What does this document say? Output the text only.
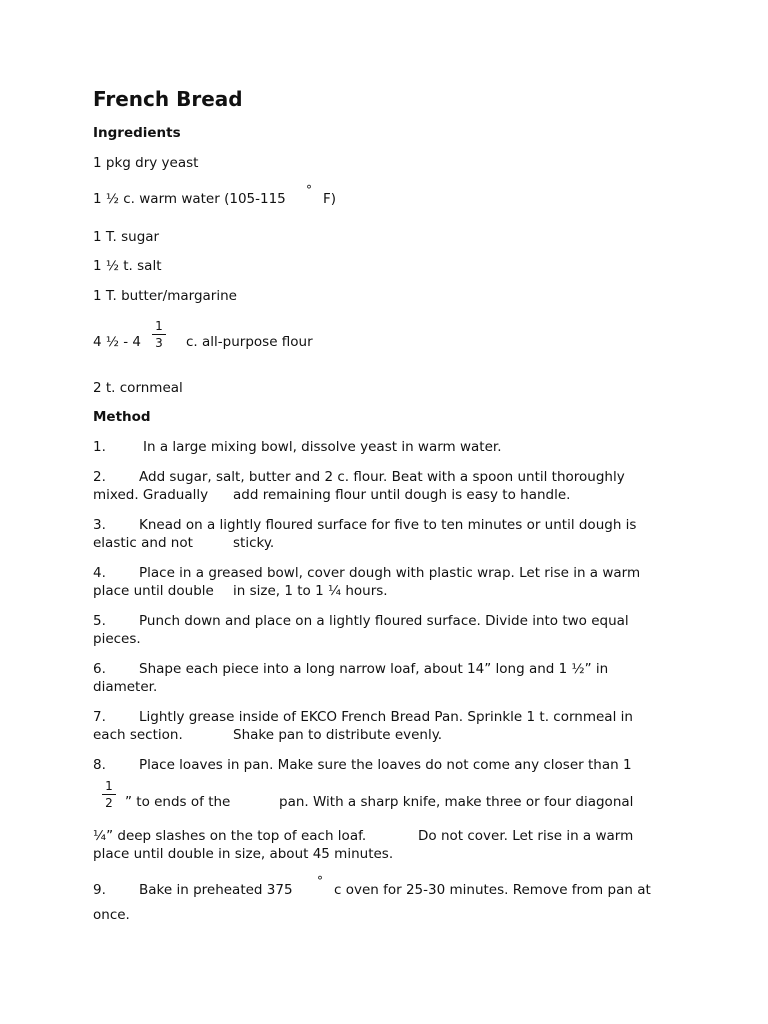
French Bread
Ingredients
1 pkg dry yeast
1 ½ c. warm water (105-115
°
F)
1 T. sugar
1 ½ t. salt
1 T. butter/margarine
4 ½ - 4
1
3 c. all-purpose flour
2 t. cornmeal
Method
1.	In a large mixing bowl, dissolve yeast in warm water.
2. Add sugar, salt, butter and 2 c. flour. Beat with a spoon until thoroughly
mixed. Gradually add remaining flour until dough is easy to handle.
3. Knead on a lightly floured surface for five to ten minutes or until dough is
elastic and not	sticky.
4. Place in a greased bowl, cover dough with plastic wrap. Let rise in a warm
place until double in size, 1 to 1 ¼ hours.
5. Punch down and place on a lightly floured surface. Divide into two equal
pieces.
6. Shape each piece into a long narrow loaf, about 14” long and 1 ½” in
diameter.
7. Lightly grease inside of EKCO French Bread Pan. Sprinkle 1 t. cornmeal in
each section.	Shake pan to distribute evenly.
8. Place loaves in pan. Make sure the loaves do not come any closer than 1
1
2 ” to ends of the	pan. With a sharp knife, make three or four diagonal
¼” deep slashes on the top of each loaf.	Do not cover. Let rise in a warm
place until double in size, about 45 minutes.
9. Bake in preheated 375
°
c oven for 25-30 minutes. Remove from pan at
once.
